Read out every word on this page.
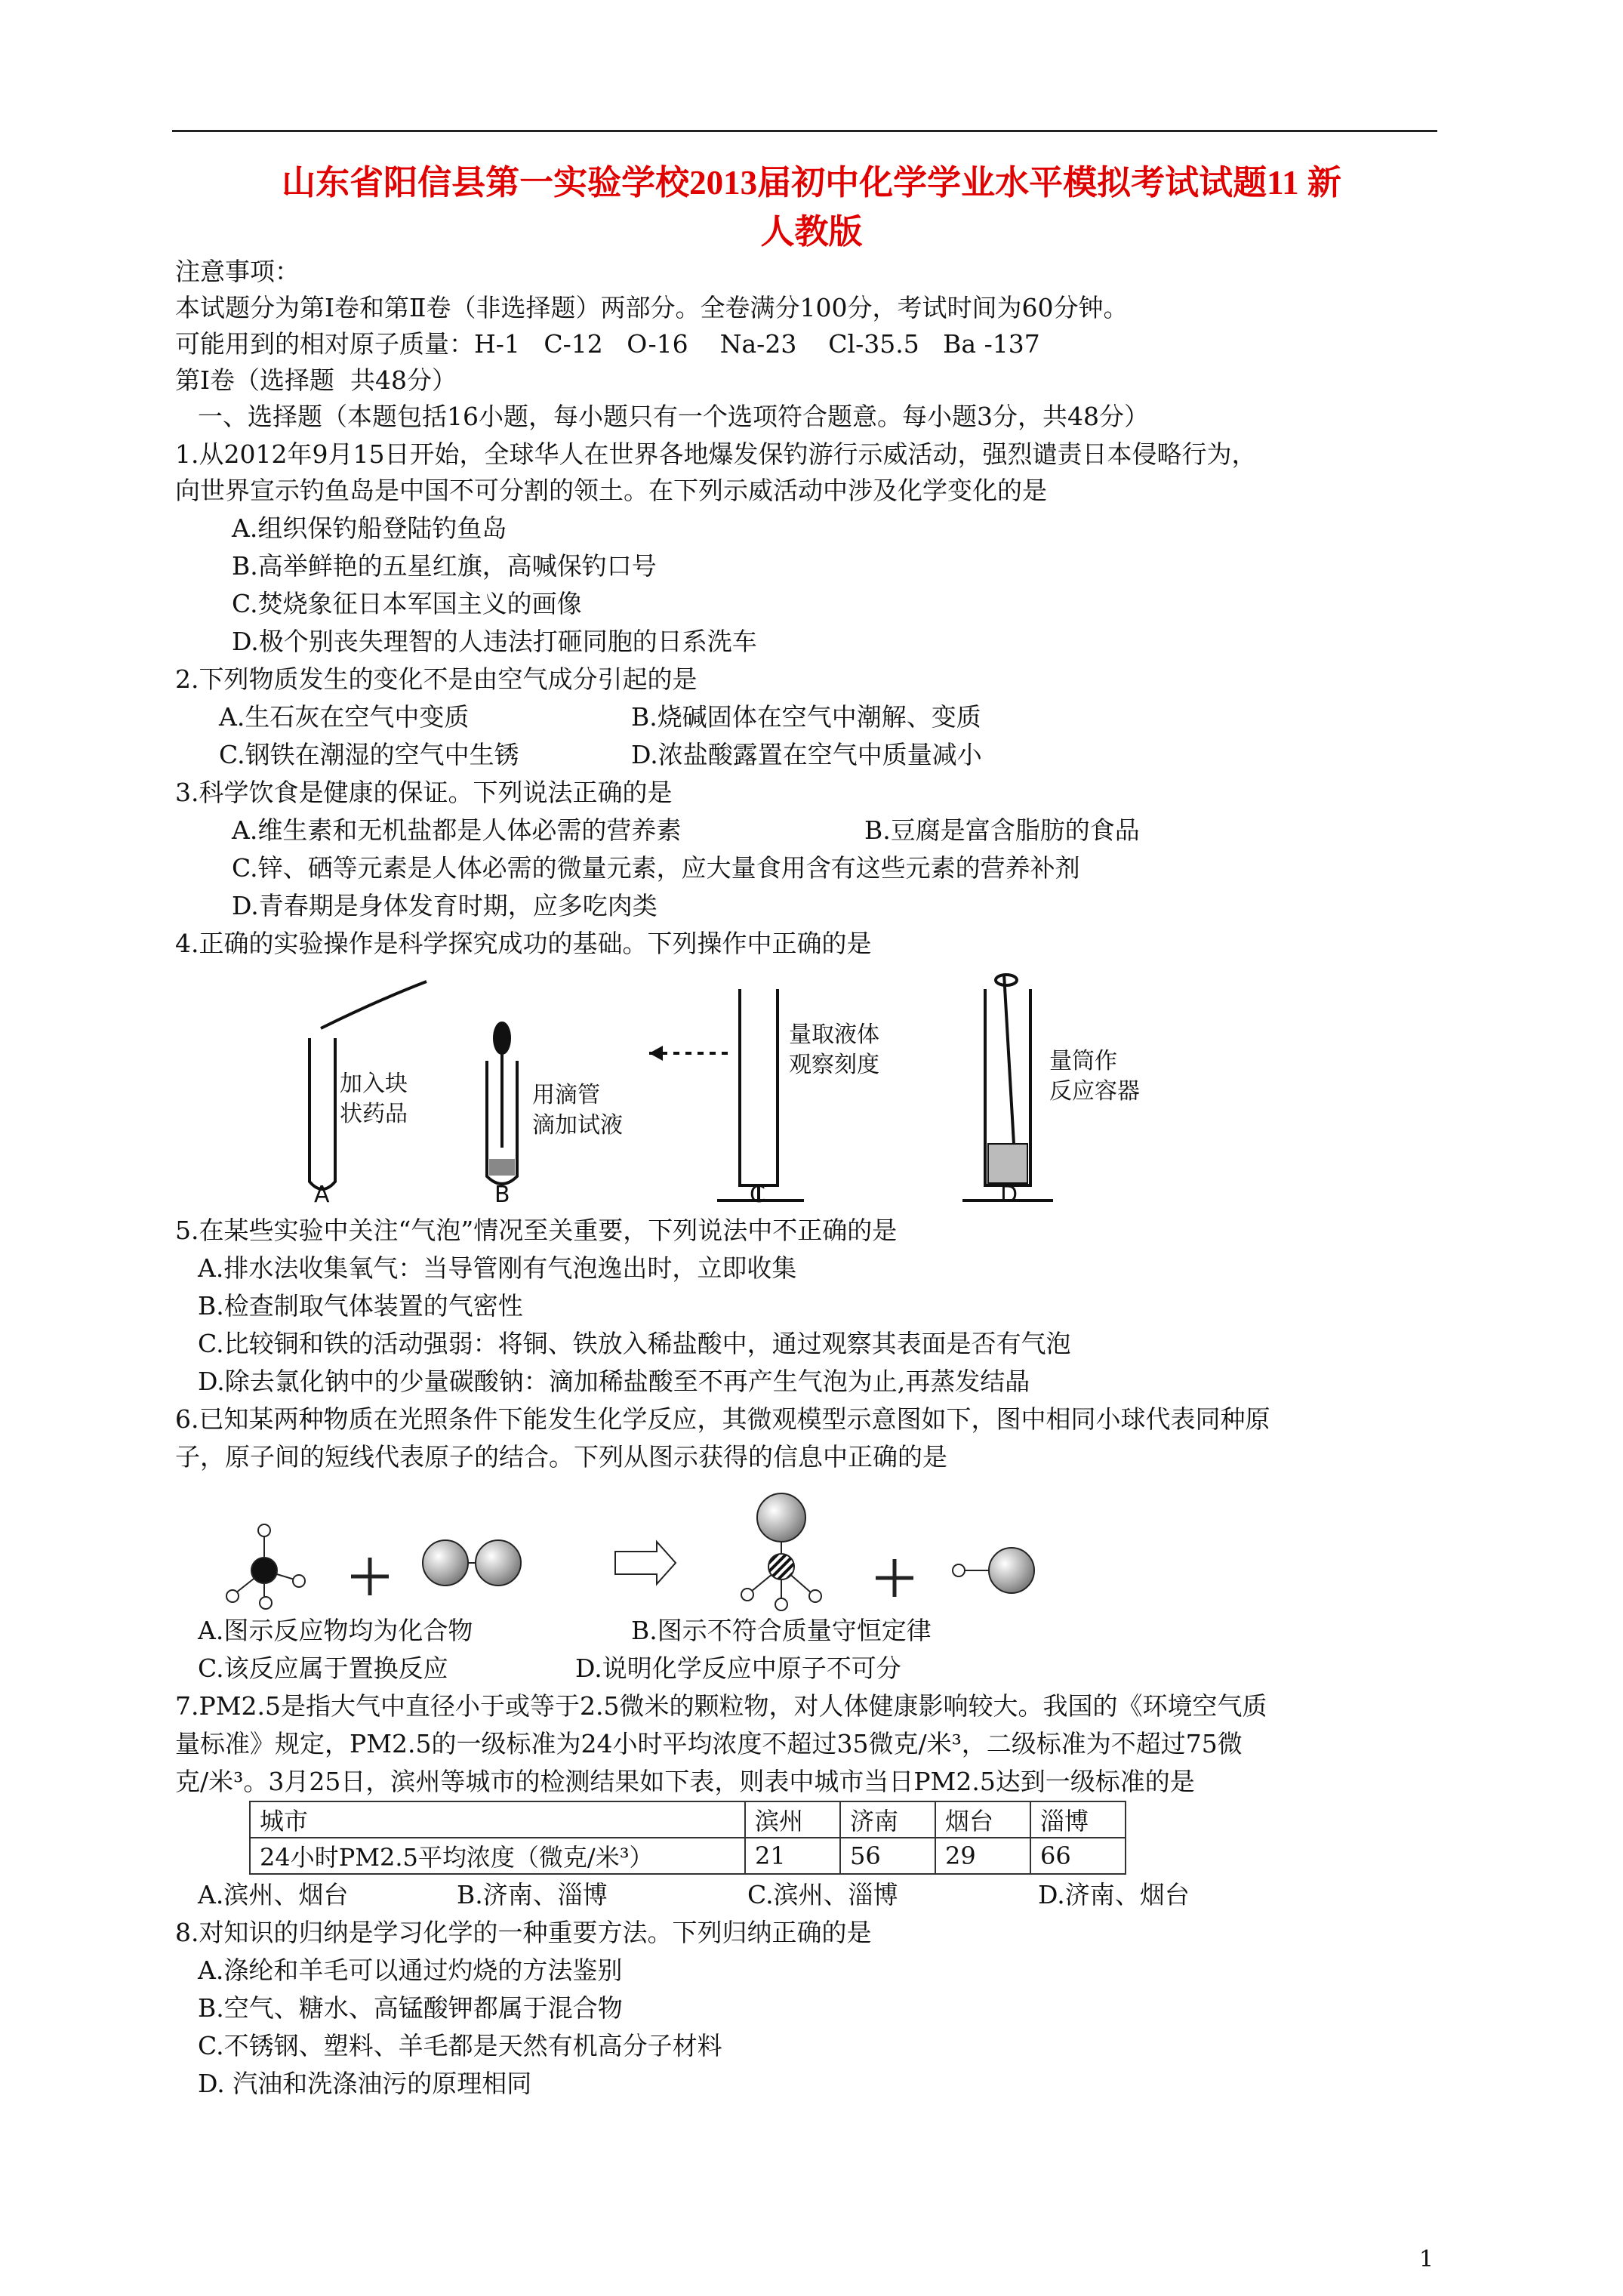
山东省阳信县第一实验学校2013届初中化学学业水平模拟考试试题11 新
人教版
注意事项：
本试题分为第Ⅰ卷和第Ⅱ卷（非选择题）两部分。全卷满分100分，考试时间为60分钟。
可能用到的相对原子质量：H-1   C-12   O-16    Na-23    Cl-35.5   Ba -137
第Ⅰ卷（选择题  共48分）
一、选择题（本题包括16小题，每小题只有一个选项符合题意。每小题3分，共48分）
1.从2012年9月15日开始，全球华人在世界各地爆发保钓游行示威活动，强烈谴责日本侵略行为，
向世界宣示钓鱼岛是中国不可分割的领土。在下列示威活动中涉及化学变化的是
A.组织保钓船登陆钓鱼岛
B.高举鲜艳的五星红旗，高喊保钓口号
C.焚烧象征日本军国主义的画像
D.极个别丧失理智的人违法打砸同胞的日系洗车
2.下列物质发生的变化不是由空气成分引起的是
A.生石灰在空气中变质	B.烧碱固体在空气中潮解、变质
C.钢铁在潮湿的空气中生锈	D.浓盐酸露置在空气中质量减小
3.科学饮食是健康的保证。下列说法正确的是
A.维生素和无机盐都是人体必需的营养素	B.豆腐是富含脂肪的食品
C.锌、硒等元素是人体必需的微量元素，应大量食用含有这些元素的营养补剂
D.青春期是身体发育时期，应多吃肉类
4.正确的实验操作是科学探究成功的基础。下列操作中正确的是
加入块
状药品
用滴管
滴加试液
量取液体
观察刻度	量筒作
反应容器
A	B	C	D
5.在某些实验中关注“气泡”情况至关重要，下列说法中不正确的是
A.排水法收集氧气：当导管刚有气泡逸出时，立即收集
B.检查制取气体装置的气密性
C.比较铜和铁的活动强弱：将铜、铁放入稀盐酸中，通过观察其表面是否有气泡
D.除去氯化钠中的少量碳酸钠：滴加稀盐酸至不再产生气泡为止,再蒸发结晶
6.已知某两种物质在光照条件下能发生化学反应，其微观模型示意图如下，图中相同小球代表同种原
子，原子间的短线代表原子的结合。下列从图示获得的信息中正确的是
A.图示反应物均为化合物	B.图示不符合质量守恒定律
C.该反应属于置换反应	D.说明化学反应中原子不可分
7.PM2.5是指大气中直径小于或等于2.5微米的颗粒物，对人体健康影响较大。我国的《环境空气质
量标准》规定，PM2.5的一级标准为24小时平均浓度不超过35微克/米³，二级标准为不超过75微
克/米³。3月25日，滨州等城市的检测结果如下表，则表中城市当日PM2.5达到一级标准的是
城市	滨州	济南	烟台	淄博
24小时PM2.5平均浓度（微克/米³）	21	56	29	66
A.滨州、烟台	B.济南、淄博	C.滨州、淄博	D.济南、烟台
8.对知识的归纳是学习化学的一种重要方法。下列归纳正确的是
A.涤纶和羊毛可以通过灼烧的方法鉴别
B.空气、糖水、高锰酸钾都属于混合物
C.不锈钢、塑料、羊毛都是天然有机高分子材料
D. 汽油和洗涤油污的原理相同
1
